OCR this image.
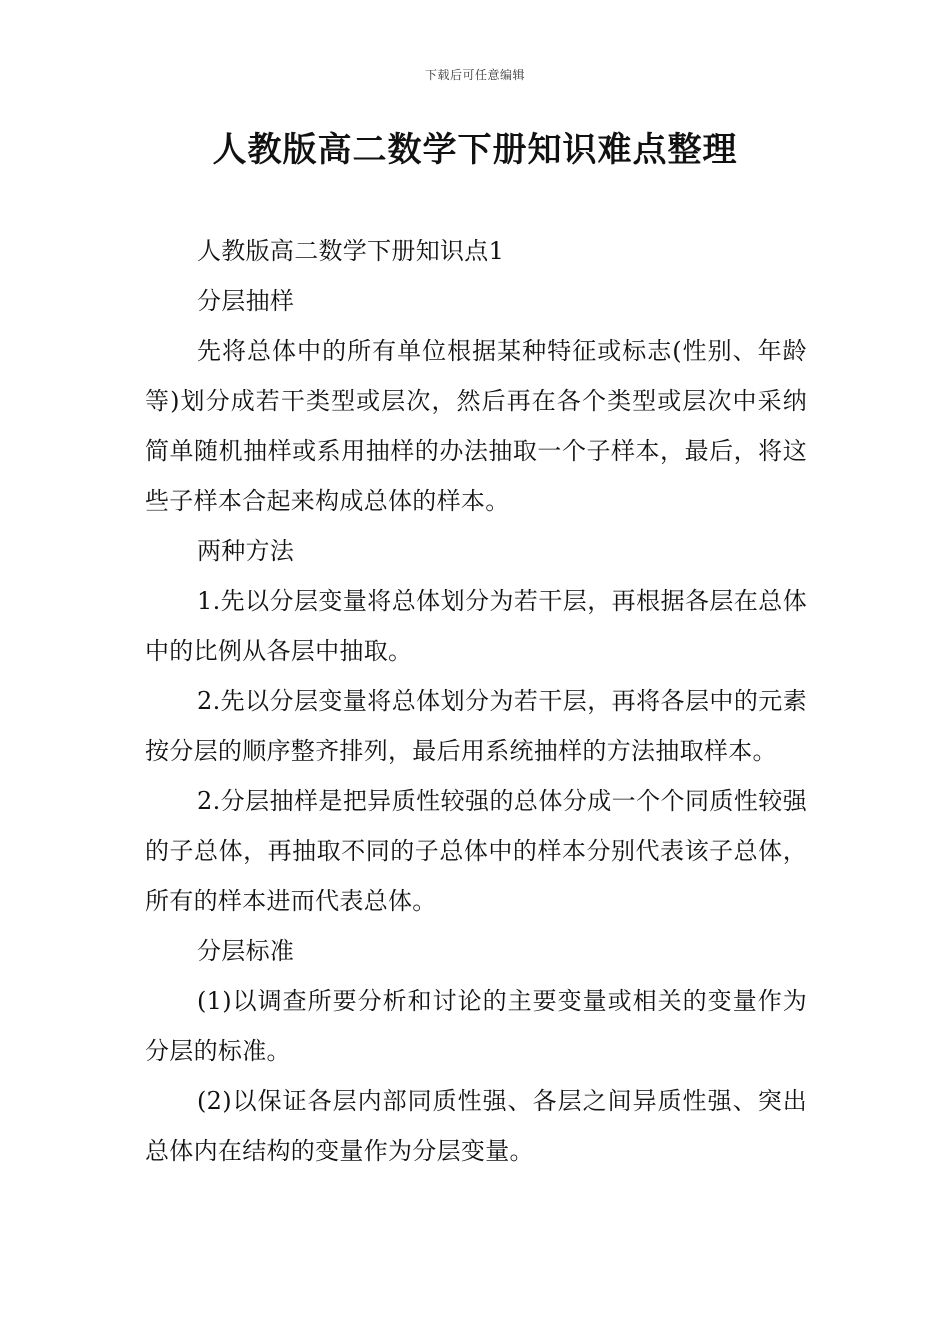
下载后可任意编辑
人教版高二数学下册知识难点整理

人教版高二数学下册知识点1

分层抽样

先将总体中的所有单位根据某种特征或标志(性别、年龄等)划分成若干类型或层次，然后再在各个类型或层次中采纳简单随机抽样或系用抽样的办法抽取一个子样本，最后，将这些子样本合起来构成总体的样本。

两种方法

1.先以分层变量将总体划分为若干层，再根据各层在总体中的比例从各层中抽取。

2.先以分层变量将总体划分为若干层，再将各层中的元素按分层的顺序整齐排列，最后用系统抽样的方法抽取样本。

2.分层抽样是把异质性较强的总体分成一个个同质性较强的子总体，再抽取不同的子总体中的样本分别代表该子总体，所有的样本进而代表总体。

分层标准

(1)以调查所要分析和讨论的主要变量或相关的变量作为分层的标准。

(2)以保证各层内部同质性强、各层之间异质性强、突出总体内在结构的变量作为分层变量。
